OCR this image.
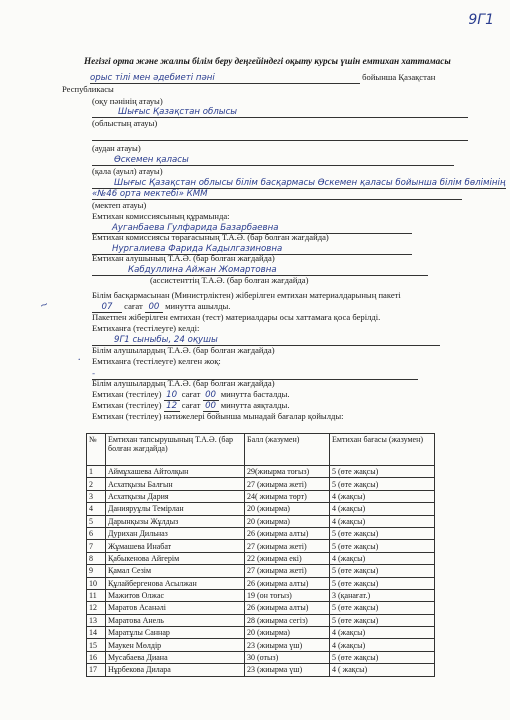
9Г1
Негізгі орта және жалпы білім беру деңгейіндегі оқыту курсы үшін емтихан хаттамасы
орыс тілі мен әдебиеті пәні	бойынша Қазақстан
Республикасы
(оқу пәнінің атауы)
Шығыс Қазақстан облысы
(облыстың атауы)

(аудан атауы)
Өскемен қаласы
(қала (ауыл) атауы)
Шығыс Қазақстан облысы білім басқармасы Өскемен қаласы бойынша білім бөлімінің
«№46 орта мектебі» КММ
(мектеп атауы)
Емтихан комиссиясының құрамында:
Ауганбаева Гулфарида Базарбаевна
Емтихан комиссиясы төрағасының Т.А.Ә. (бар болған жағдайда)
Нургалиева Фарида Кадылгазиновна
Емтихан алушының Т.А.Ә. (бар болған жағдайда)
Кабдуллина Айжан Жомартовна
(ассистенттің Т.А.Ә. (бар болған жағдайда)
Білім басқармасынан (Министрліктен) жіберілген емтихан материалдарының пакеті
07 сағат 00 минутта ашылды.
Пакетпен жіберілген емтихан (тест) материалдары осы хаттамаға қоса берілді.
Емтиханға (тестілеуге) келді:
9Г1 сыныбы, 24 оқушы
Білім алушылардың Т.А.Ә. (бар болған жағдайда)
Емтиханға (тестілеуге) келген жоқ:
-
Білім алушылардың Т.А.Ә. (бар болған жағдайда)
Емтихан (тестілеу) 10 сағат 00 минутта басталды.
Емтихан (тестілеу) 12 сағат 00 минутта аяқталды.
Емтихан (тестілеу) нәтижелері бойынша мынадай бағалар қойылды:
№	Емтихан тапсырушының Т.А.Ә. (бар болған жағдайда)	Балл (жазумен)	Емтихан бағасы (жазумен)
1	Аймұхашева Айтолқын	29(жиырма тоғыз)	5 (өте жақсы)
2	Асхатқызы Балғын	27 (жиырма жеті)	5 (өте жақсы)
3	Асхатқызы Дария	24( жиырма төрт)	4 (жақсы)
4	Данияруұлы Темірлан	20 (жиырма)	4 (жақсы)
5	Дарынқызы Жұлдыз	20 (жиырма)	4 (жақсы)
6	Дурихан Дильназ	26 (жиырма алты)	5 (өте жақсы)
7	Жұмашева Инабат	27 (жиырма жеті)	5 (өте жақсы)
8	Қабыкенова Айгерім	22 (жиырма екі)	4 (жақсы)
9	Қамал Сезім	27 (жиырма жеті)	5 (өте жақсы)
10	Құлайбергенова Асылжан	26 (жиырма алты)	5 (өте жақсы)
11	Мажитов Олжас	19 (он тоғыз)	3 (қанағат.)
12	Маратов Асанәлі	26 (жиырма алты)	5 (өте жақсы)
13	Маратова Анель	28 (жиырма сегіз)	5 (өте жақсы)
14	Маратұлы Саннар	20 (жиырма)	4 (жақсы)
15	Маукен Мөлдір	23 (жиырма үш)	4 (жақсы)
16	Мусабаева Диана	30 (отыз)	5 (өте жақсы)
17	Нұрбекова Дилара	23 (жиырма үш)	4 ( жақсы)
~
.
